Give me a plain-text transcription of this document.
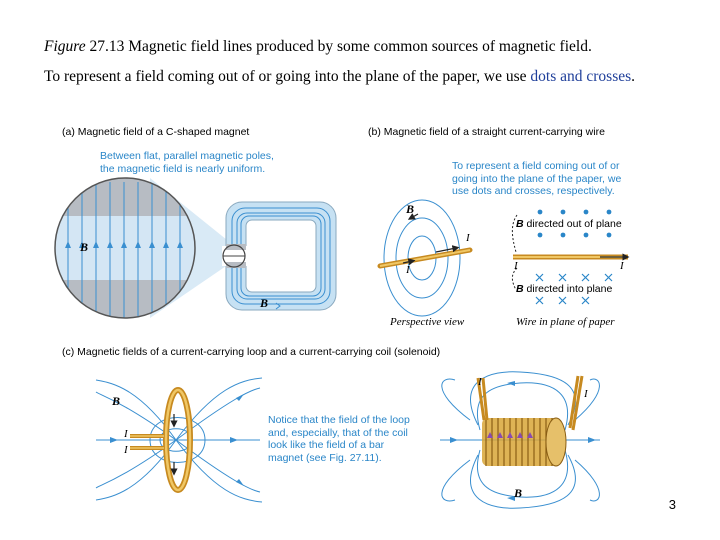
Figure 27.13 Magnetic field lines produced by some common sources of magnetic field.

To represent a field coming out of or going into the plane of the paper, we use dots and crosses.

(a) Magnetic field of a C-shaped magnet
Between flat, parallel magnetic poles, the magnetic field is nearly uniform.
B
B
(b) Magnetic field of a straight current-carrying wire
To represent a field coming out of or going into the plane of the paper, we use dots and crosses, respectively.
B
I
I
B directed out of plane
I	I
B directed into plane
Perspective view	Wire in plane of paper
(c) Magnetic fields of a current-carrying loop and a current-carrying coil (solenoid)
B
I
I
Notice that the field of the loop and, especially, that of the coil look like the field of a bar magnet (see Fig. 27.11).
I
I
B
3
